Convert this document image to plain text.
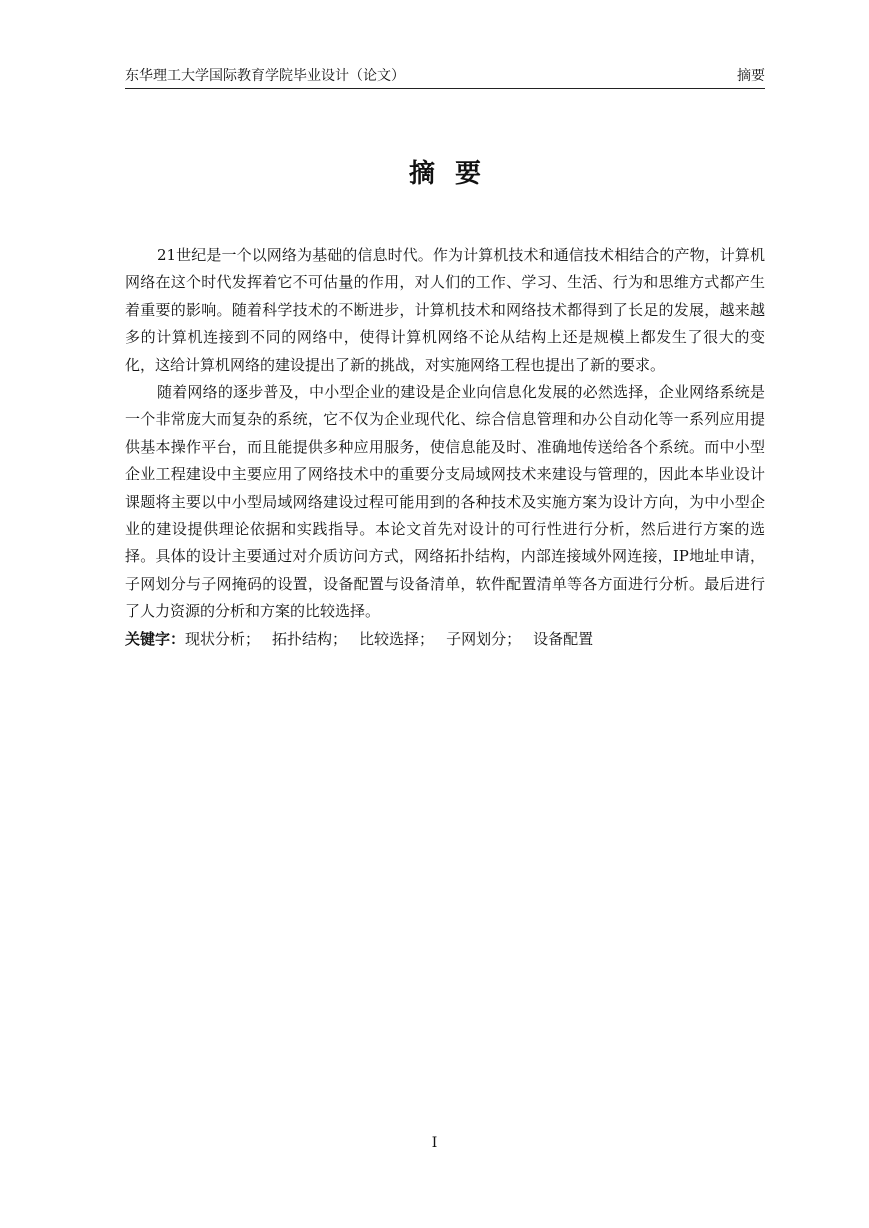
东华理工大学国际教育学院毕业设计（论文）	摘要
摘要

21世纪是一个以网络为基础的信息时代。作为计算机技术和通信技术相结合的产物，计算机网络在这个时代发挥着它不可估量的作用，对人们的工作、学习、生活、行为和思维方式都产生着重要的影响。随着科学技术的不断进步，计算机技术和网络技术都得到了长足的发展，越来越多的计算机连接到不同的网络中，使得计算机网络不论从结构上还是规模上都发生了很大的变化，这给计算机网络的建设提出了新的挑战，对实施网络工程也提出了新的要求。

随着网络的逐步普及，中小型企业的建设是企业向信息化发展的必然选择，企业网络系统是一个非常庞大而复杂的系统，它不仅为企业现代化、综合信息管理和办公自动化等一系列应用提供基本操作平台，而且能提供多种应用服务，使信息能及时、准确地传送给各个系统。而中小型企业工程建设中主要应用了网络技术中的重要分支局域网技术来建设与管理的，因此本毕业设计课题将主要以中小型局域网络建设过程可能用到的各种技术及实施方案为设计方向，为中小型企业的建设提供理论依据和实践指导。本论文首先对设计的可行性进行分析，然后进行方案的选择。具体的设计主要通过对介质访问方式，网络拓扑结构，内部连接域外网连接，IP地址申请，子网划分与子网掩码的设置，设备配置与设备清单，软件配置清单等各方面进行分析。最后进行了人力资源的分析和方案的比较选择。

关键字：现状分析； 拓扑结构； 比较选择； 子网划分； 设备配置

I
